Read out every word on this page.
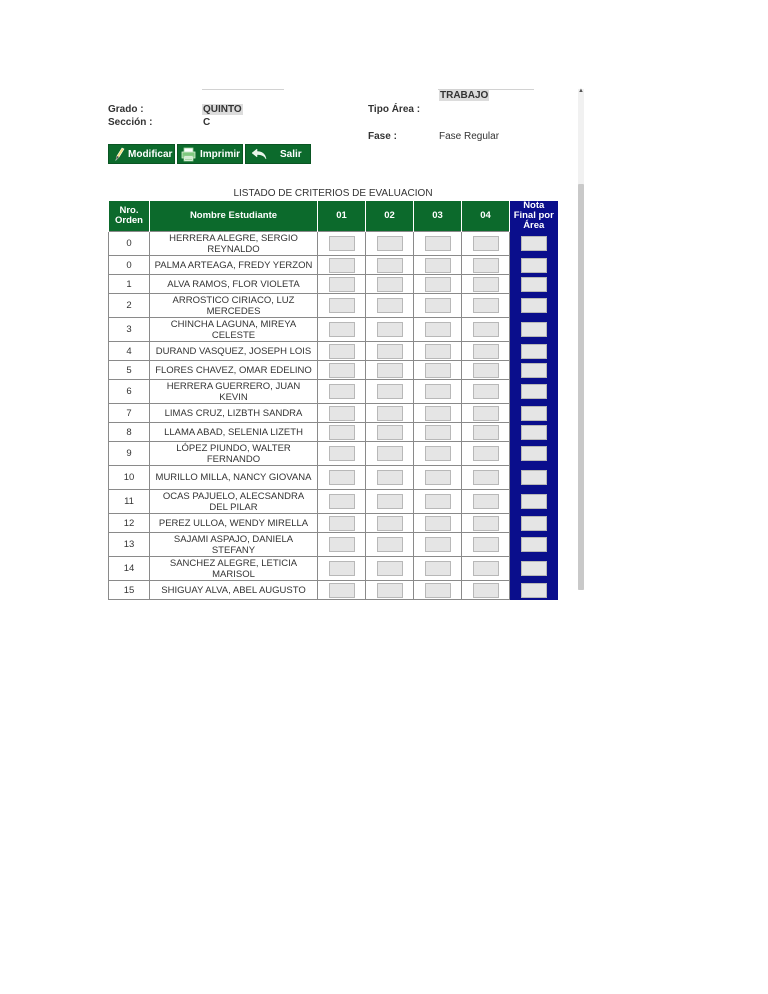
Grado :	QUINTO
Sección :	C
TRABAJO
Tipo Área :
Fase :	Fase Regular
Modificar	Imprimir	Salir
▲
LISTADO DE CRITERIOS DE EVALUACION
Nro. Orden	Nombre Estudiante	01	02	03	04	Nota Final por Área
0	HERRERA ALEGRE, SERGIO REYNALDO	

0	PALMA ARTEAGA, FREDY YERZON	

1	ALVA RAMOS, FLOR VIOLETA	

2	ARROSTICO CIRIACO, LUZ MERCEDES	

3	CHINCHA LAGUNA, MIREYA CELESTE	

4	DURAND VASQUEZ, JOSEPH LOIS	

5	FLORES CHAVEZ, OMAR EDELINO	

6	HERRERA GUERRERO, JUAN KEVIN	

7	LIMAS CRUZ, LIZBTH SANDRA	

8	LLAMA ABAD, SELENIA LIZETH	

9	LÓPEZ PIUNDO, WALTER FERNANDO	

10	MURILLO MILLA, NANCY GIOVANA	

11	OCAS PAJUELO, ALECSANDRA DEL PILAR	

12	PEREZ ULLOA, WENDY MIRELLA	

13	SAJAMI ASPAJO, DANIELA STEFANY	

14	SANCHEZ ALEGRE, LETICIA MARISOL	

15	SHIGUAY ALVA, ABEL AUGUSTO	
